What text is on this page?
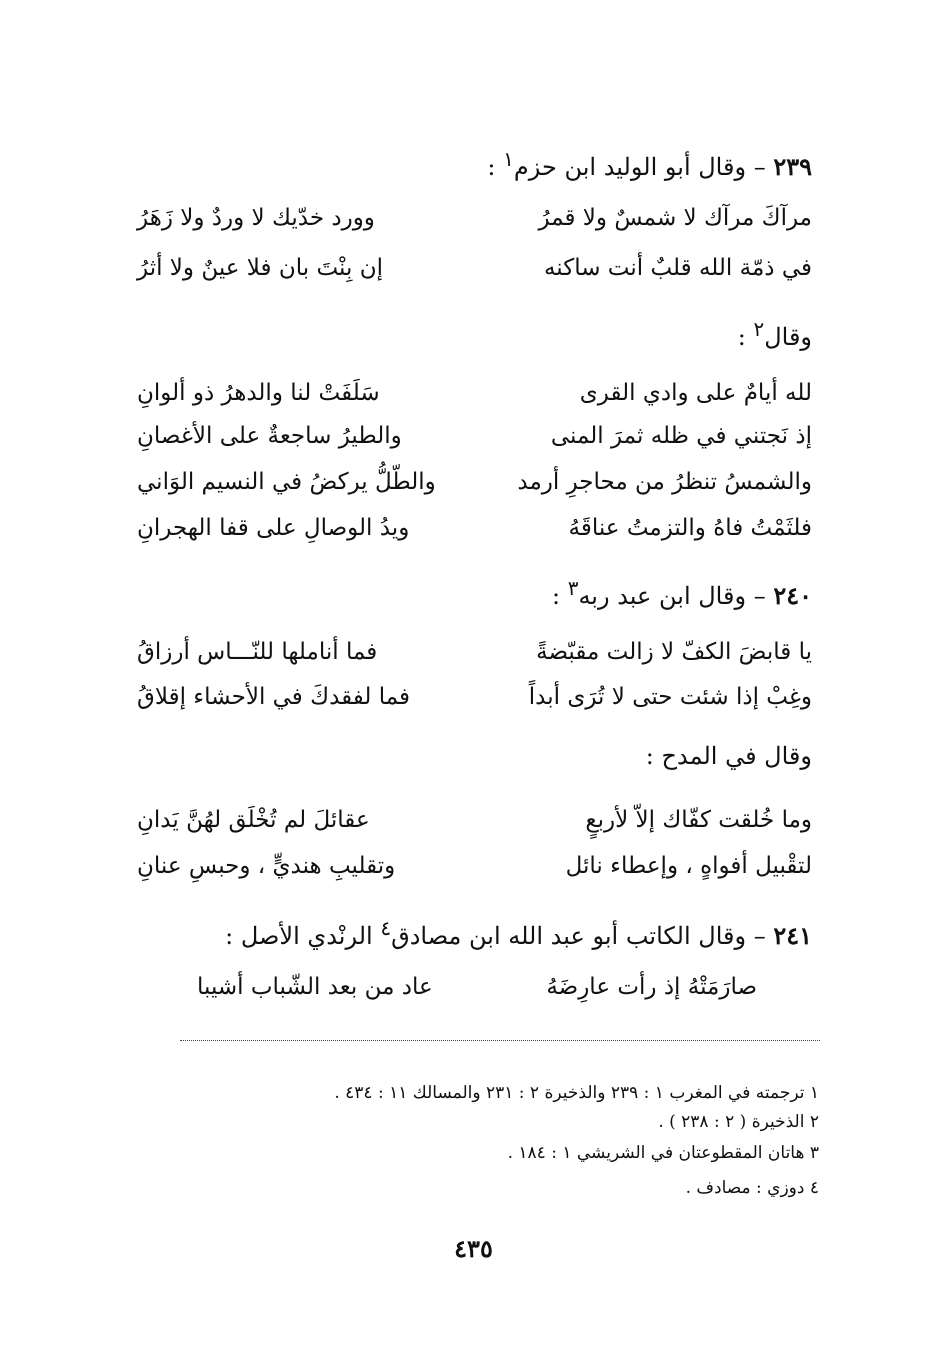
٢٣٩ – وقال أبو الوليد ابن حزم$^١$ :
مرآكَ مرآك لا شمسٌ ولا قمرُ
وورد خدّيك لا وردٌ ولا زَهَرُ
في ذمّة الله قلبٌ أنت ساكنه
إن بِنْتَ بان فلا عينٌ ولا أثرُ
وقال$^٢$ :
لله أيامٌ على وادي القرى
سَلَفَتْ لنا والدهرُ ذو ألوانِ
إذ نَجتني في ظله ثمرَ المنى
والطيرُ ساجعةٌ على الأغصانِ
والشمسُ تنظرُ من محاجرِ أرمد
والطّلُّ يركضُ في النسيم الوَاني
فلثَمْتُ فاهُ والتزمتُ عناقَهُ
ويدُ الوصالِ على قفا الهجرانِ
٢٤٠ – وقال ابن عبد ربه$^٣$ :
يا قابضَ الكفّ لا زالت مقبّضةً
فما أناملها للنّـــاس أرزاقُ
وغِبْ إذا شئت حتى لا تُرَى أبداً
فما لفقدكَ في الأحشاء إقلاقُ
وقال في المدح :
وما خُلقت كفّاك إلاّ لأربعٍ
عقائلَ لم تُخْلَق لهُنَّ يَدانِ
لتقْبيل أفواهٍ ، وإعطاء نائل
وتقليبِ هنديٍّ ، وحبسِ عنانِ
٢٤١ – وقال الكاتب أبو عبد الله ابن مصادق$^٤$ الرنْدي الأصل :
صارَمَتْهُ إذ رأت عارِضَهُ
عاد من بعد الشّباب أشيبا
١ ترجمته في المغرب ١ : ٢٣٩ والذخيرة ٢ : ٢٣١ والمسالك ١١ : ٤٣٤ .
٢ الذخيرة ( ٢ : ٢٣٨ ) .
٣ هاتان المقطوعتان في الشريشي ١ : ١٨٤ .
٤ دوزي : مصادف .
٤٣٥
